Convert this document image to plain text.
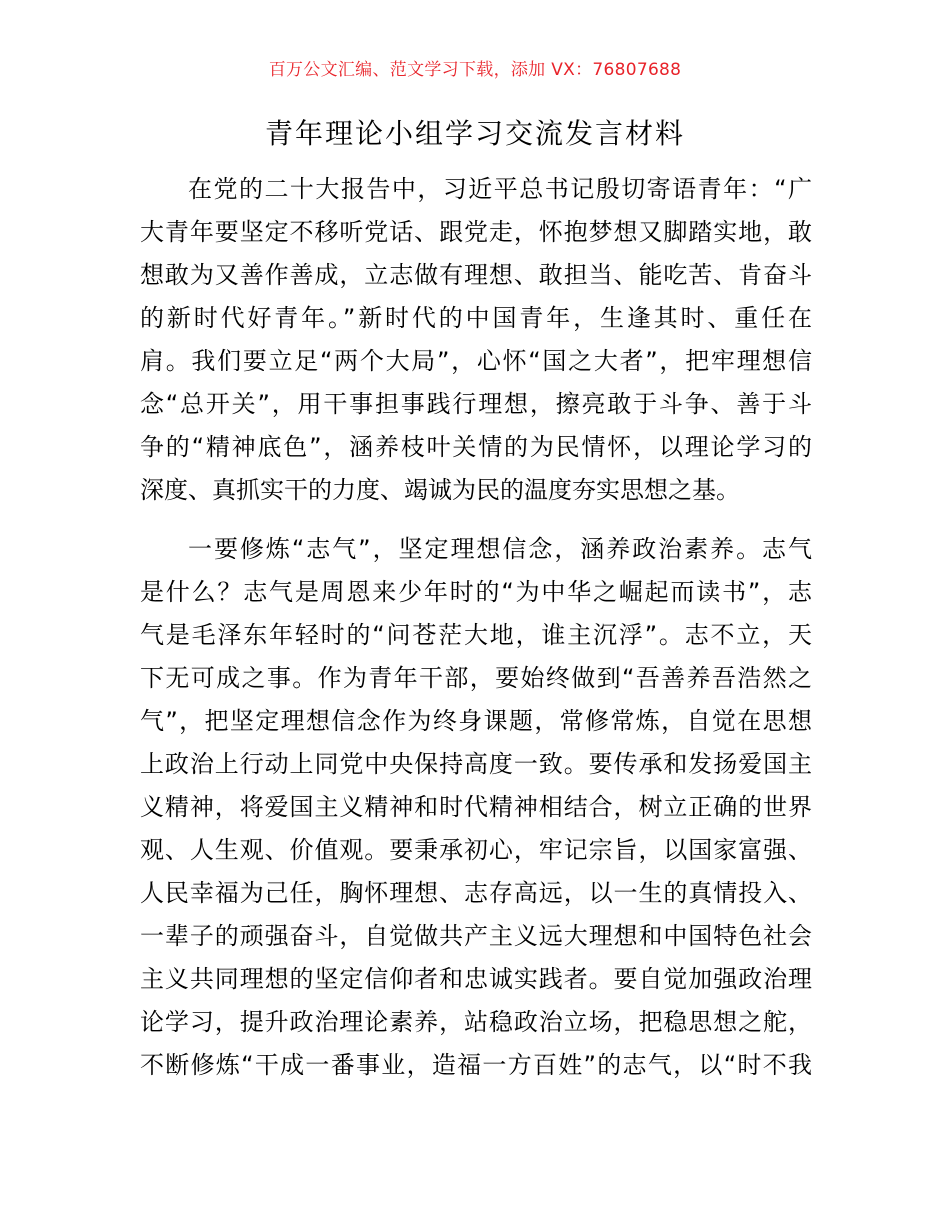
百万公文汇编、范文学习下载，添加 VX：76807688
青年理论小组学习交流发言材料
在党的二十大报告中，习近平总书记殷切寄语青年：“广
大青年要坚定不移听党话、跟党走，怀抱梦想又脚踏实地，敢
想敢为又善作善成，立志做有理想、敢担当、能吃苦、肯奋斗
的新时代好青年。”新时代的中国青年，生逢其时、重任在
肩。我们要立足“两个大局”，心怀“国之大者”，把牢理想信
念“总开关”，用干事担事践行理想，擦亮敢于斗争、善于斗
争的“精神底色”，涵养枝叶关情的为民情怀，以理论学习的
深度、真抓实干的力度、竭诚为民的温度夯实思想之基。
一要修炼“志气”，坚定理想信念，涵养政治素养。志气
是什么？志气是周恩来少年时的“为中华之崛起而读书”，志
气是毛泽东年轻时的“问苍茫大地，谁主沉浮”。志不立，天
下无可成之事。作为青年干部，要始终做到“吾善养吾浩然之
气”，把坚定理想信念作为终身课题，常修常炼，自觉在思想
上政治上行动上同党中央保持高度一致。要传承和发扬爱国主
义精神，将爱国主义精神和时代精神相结合，树立正确的世界
观、人生观、价值观。要秉承初心，牢记宗旨，以国家富强、
人民幸福为己任，胸怀理想、志存高远，以一生的真情投入、
一辈子的顽强奋斗，自觉做共产主义远大理想和中国特色社会
主义共同理想的坚定信仰者和忠诚实践者。要自觉加强政治理
论学习，提升政治理论素养，站稳政治立场，把稳思想之舵，
不断修炼“干成一番事业，造福一方百姓”的志气，以“时不我
